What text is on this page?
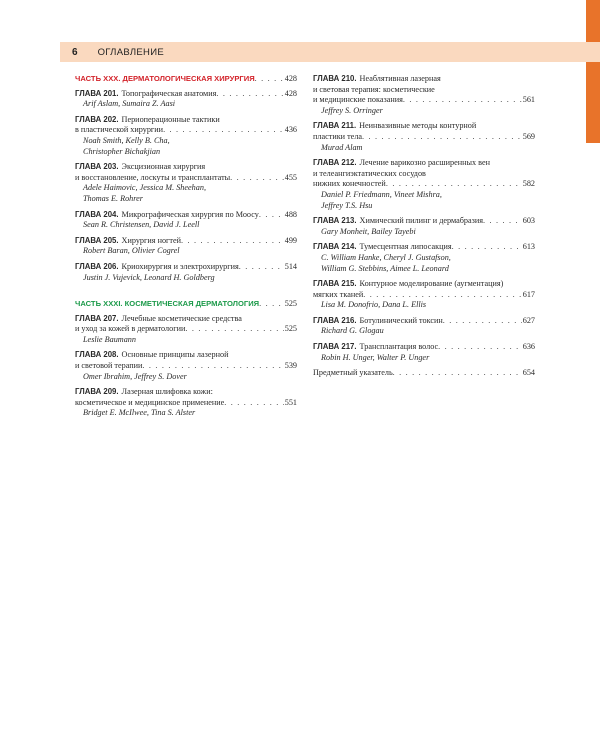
6 ОГЛАВЛЕНИЕ
ЧАСТЬ XXX. ДЕРМАТОЛОГИЧЕСКАЯ ХИРУРГИЯ . . .	428
ГЛАВА 201. Топографическая анатомия . . .	428
Arif Aslam, Sumaira Z. Aasi
ГЛАВА 202. Периоперационные тактики
в пластической хирургии . . .	436
Noah Smith, Kelly B. Cha,
Christopher Bichakjian
ГЛАВА 203. Эксцизионная хирургия
и восстановление, лоскуты и трансплантаты . . .	455
Adele Haimovic, Jessica M. Sheehan,
Thomas E. Rohrer
ГЛАВА 204. Микрографическая хирургия по Моосу . . .	488
Sean R. Christensen, David J. Leell
ГЛАВА 205. Хирургия ногтей . . .	499
Robert Baran, Olivier Cogrel
ГЛАВА 206. Криохирургия и электрохирургия . . .	514
Justin J. Vujevick, Leonard H. Goldberg
ЧАСТЬ XXXI. КОСМЕТИЧЕСКАЯ ДЕРМАТОЛОГИЯ . . .	525
ГЛАВА 207. Лечебные косметические средства
и уход за кожей в дерматологии . . .	525
Leslie Baumann
ГЛАВА 208. Основные принципы лазерной
и световой терапии . . .	539
Omer Ibrahim, Jeffrey S. Dover
ГЛАВА 209. Лазерная шлифовка кожи:
косметическое и медицинское применение . . .	551
Bridget E. McIlwee, Tina S. Alster
ГЛАВА 210. Неаблятивная лазерная
и световая терапия: косметические
и медицинские показания . . .	561
Jeffrey S. Orringer
ГЛАВА 211. Неинвазивные методы контурной
пластики тела . . .	569
Murad Alam
ГЛАВА 212. Лечение варикозно расширенных вен
и телеангиэктатических сосудов
нижних конечностей . . .	582
Daniel P. Friedmann, Vineet Mishra,
Jeffrey T.S. Hsu
ГЛАВА 213. Химический пилинг и дермабразия . . .	603
Gary Monheit, Bailey Tayebi
ГЛАВА 214. Тумесцентная липосакция . . .	613
C. William Hanke, Cheryl J. Gustafson,
William G. Stebbins, Aimee L. Leonard
ГЛАВА 215. Контурное моделирование (аугментация)
мягких тканей . . .	617
Lisa M. Donofrio, Dana L. Ellis
ГЛАВА 216. Ботулинический токсин . . .	627
Richard G. Glogau
ГЛАВА 217. Трансплантация волос . . .	636
Robin H. Unger, Walter P. Unger
Предметный указатель . . .	654
